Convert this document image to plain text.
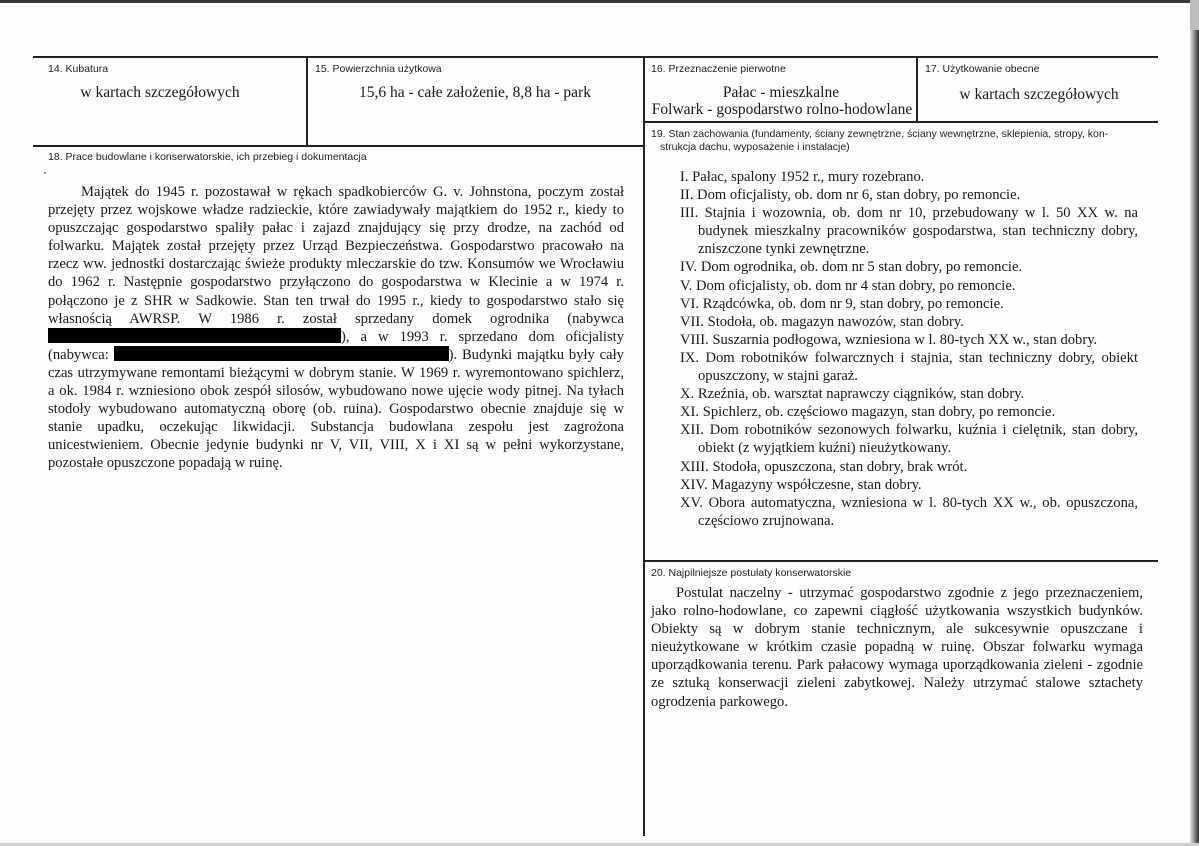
14. Kubatura
w kartach szczegółowych
15. Powierzchnia użytkowa
15,6 ha - całe założenie, 8,8 ha - park
16. Przeznaczenie pierwotne
Pałac - mieszkalne
Folwark - gospodarstwo rolno-hodowlane
17. Użytkowanie obecne
w kartach szczegółowych
18. Prace budowlane i konserwatorskie, ich przebieg i dokumentacja

Majątek do 1945 r. pozostawał w rękach spadkobierców G. v. Johnstona, poczym został przejęty przez wojskowe władze radzieckie, które zawiadywały majątkiem do 1952 r., kiedy to opuszczając gospodarstwo spaliły pałac i zajazd znajdujący się przy drodze, na zachód od folwarku. Majątek został przejęty przez Urząd Bezpieczeństwa. Gospodarstwo pracowało na rzecz ww. jednostki dostarczając świeże produkty mleczarskie do tzw. Konsumów we Wrocławiu do 1962 r. Następnie gospodarstwo przyłączono do gospodarstwa w Klecinie a w 1974 r. połączono je z SHR w Sadkowie. Stan ten trwał do 1995 r., kiedy to gospodarstwo stało się własnością AWRSP. W 1986 r. został sprzedany domek ogrodnika (nabywca ), a w 1993 r. sprzedano dom oficjalisty (nabywca:	). Budynki majątku były cały czas utrzymywane remontami bieżącymi w dobrym stanie. W 1969 r. wyremontowano spichlerz, a ok. 1984 r. wzniesiono obok zespół silosów, wybudowano nowe ujęcie wody pitnej. Na tyłach stodoły wybudowano automatyczną oborę (ob. ruina). Gospodarstwo obecnie znajduje się w stanie upadku, oczekując likwidacji. Substancja budowlana zespołu jest zagrożona unicestwieniem. Obecnie jedynie budynki nr V, VII, VIII, X i XI są w pełni wykorzystane, pozostałe opuszczone popadają w ruinę.

19. Stan zachowania (fundamenty, ściany zewnętrzne, ściany wewnętrzne, sklepienia, stropy, kon-
strukcja dachu, wyposażenie i instalacje)
I. Pałac, spalony 1952 r., mury rozebrano.
II. Dom oficjalisty, ob. dom nr 6, stan dobry, po remoncie.
III. Stajnia i wozownia, ob. dom nr 10, przebudowany w l. 50 XX w. na budynek mieszkalny pracowników gospodarstwa, stan techniczny dobry, zniszczone tynki zewnętrzne.
IV. Dom ogrodnika, ob. dom nr 5 stan dobry, po remoncie.
V. Dom oficjalisty, ob. dom nr 4 stan dobry, po remoncie.
VI. Rządcówka, ob. dom nr 9, stan dobry, po remoncie.
VII. Stodoła, ob. magazyn nawozów, stan dobry.
VIII. Suszarnia podłogowa, wzniesiona w l. 80-tych XX w., stan dobry.
IX. Dom robotników folwarcznych i stajnia, stan techniczny dobry, obiekt opuszczony, w stajni garaż.
X. Rzeźnia, ob. warsztat naprawczy ciągników, stan dobry.
XI. Spichlerz, ob. częściowo magazyn, stan dobry, po remoncie.
XII. Dom robotników sezonowych folwarku, kuźnia i cielętnik, stan dobry, obiekt (z wyjątkiem kuźni) nieużytkowany.
XIII. Stodoła, opuszczona, stan dobry, brak wrót.
XIV. Magazyny współczesne, stan dobry.
XV. Obora automatyczna, wzniesiona w l. 80-tych XX w., ob. opuszczona, częściowo zrujnowana.
20. Najpilniejsze postulaty konserwatorskie

Postulat naczelny - utrzymać gospodarstwo zgodnie z jego przeznaczeniem, jako rolno-hodowlane, co zapewni ciągłość użytkowania wszystkich budynków. Obiekty są w dobrym stanie technicznym, ale sukcesywnie opuszczane i nieużytkowane w krótkim czasie popadną w ruinę. Obszar folwarku wymaga uporządkowania terenu. Park pałacowy wymaga uporządkowania zieleni - zgodnie ze sztuką konserwacji zieleni zabytkowej. Należy utrzymać stalowe sztachety ogrodzenia parkowego.
